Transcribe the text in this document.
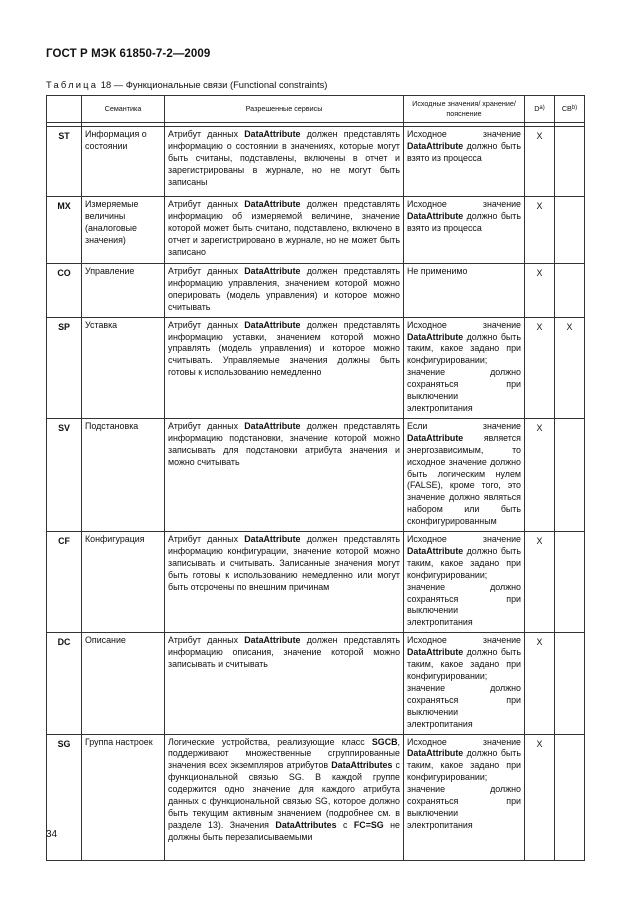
ГОСТ Р МЭК 61850-7-2—2009
Таблица 18 — Функциональные связи (Functional constraints)
	Семантика	Разрешенные сервисы	Исходные значения/ хранение/пояснение	$D^{a)}$	CB$^{b)}$

ST	Информация о состоянии	Атрибут данных DataAttribute должен представлять информацию о состоянии в значениях, которые могут быть считаны, подставлены, включены в отчет и зарегистрированы в журнале, но не могут быть записаны	Исходное значение DataAttribute должно быть взято из процесса	X	
MX	Измеряемые величины (аналоговые значения)	Атрибут данных DataAttribute должен представлять информацию об измеряемой величине, значение которой может быть считано, подставлено, включено в отчет и зарегистрировано в журнале, но не может быть записано	Исходное значение DataAttribute должно быть взято из процесса	X	
CO	Управление	Атрибут данных DataAttribute должен представлять информацию управления, значением которой можно оперировать (модель управления) и которое можно считывать	Не применимо	X	
SP	Уставка	Атрибут данных DataAttribute должен представлять информацию уставки, значением которой можно управлять (модель управления) и которое можно считывать. Управляемые значения должны быть готовы к использованию немедленно	Исходное значение DataAttribute должно быть таким, какое задано при конфигурировании; значение должно сохраняться при выключении электропитания	X	X
SV	Подстановка	Атрибут данных DataAttribute должен представлять информацию подстановки, значение которой можно записывать для подстановки атрибута значения и можно считывать	Если значение DataAttribute является энергозависимым, то исходное значение должно быть логическим нулем (FALSE), кроме того, это значение должно являться набором или быть сконфигурированным	X	
CF	Конфигурация	Атрибут данных DataAttribute должен представлять информацию конфигурации, значение которой можно записывать и считывать. Записанные значения могут быть готовы к использованию немедленно или могут быть отсрочены по внешним причинам	Исходное значение DataAttribute должно быть таким, какое задано при конфигурировании; значение должно сохраняться при выключении электропитания	X	
DC	Описание	Атрибут данных DataAttribute должен представлять информацию описания, значение которой можно записывать и считывать	Исходное значение DataAttribute должно быть таким, какое задано при конфигурировании; значение должно сохраняться при выключении электропитания	X	
SG	Группа настроек	Логические устройства, реализующие класс SGCB, поддерживают множественные сгруппированные значения всех экземпляров атрибутов DataAttributes с функциональной связью SG. В каждой группе содержится одно значение для каждого атрибута данных с функциональной связью SG, которое должно быть текущим активным значением (подробнее см. в разделе 13). Значения DataAttributes с FC=SG не должны быть перезаписываемыми	Исходное значение DataAttribute должно быть таким, какое задано при конфигурировании; значение должно сохраняться при выключении электропитания	X	
34
